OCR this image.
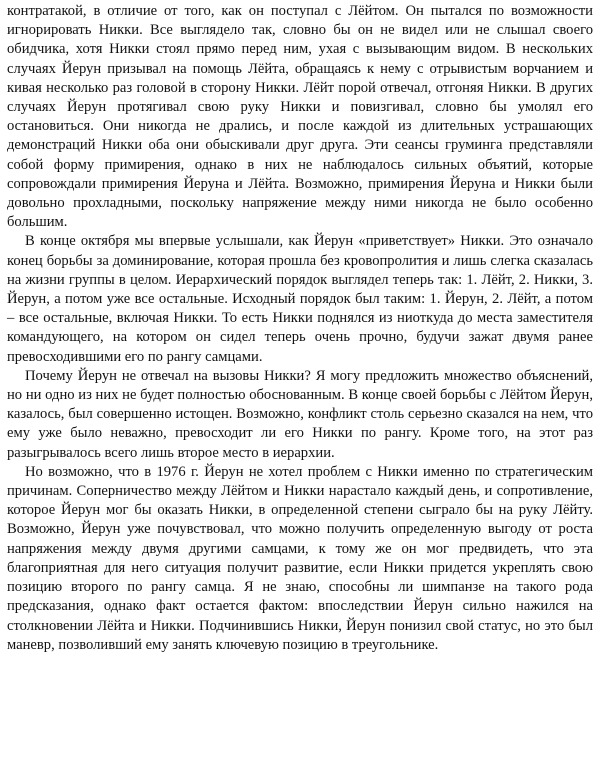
контратакой, в отличие от того, как он поступал с Лёйтом. Он пытался по возможности игнорировать Никки. Все выглядело так, словно бы он не видел или не слышал своего обидчика, хотя Никки стоял прямо перед ним, ухая с вызывающим видом. В нескольких случаях Йерун призывал на помощь Лёйта, обращаясь к нему с отрывистым ворчанием и кивая несколько раз головой в сторону Никки. Лёйт порой отвечал, отгоняя Никки. В других случаях Йерун протягивал свою руку Никки и повизгивал, словно бы умолял его остановиться. Они никогда не дрались, и после каждой из длительных устрашающих демонстраций Никки оба они обыскивали друг друга. Эти сеансы груминга представляли собой форму примирения, однако в них не наблюдалось сильных объятий, которые сопровождали примирения Йеруна и Лёйта. Возможно, примирения Йеруна и Никки были довольно прохладными, поскольку напряжение между ними никогда не было особенно большим.

В конце октября мы впервые услышали, как Йерун «приветствует» Никки. Это означало конец борьбы за доминирование, которая прошла без кровопролития и лишь слегка сказалась на жизни группы в целом. Иерархический порядок выглядел теперь так: 1. Лёйт, 2. Никки, 3. Йерун, а потом уже все остальные. Исходный порядок был таким: 1. Йерун, 2. Лёйт, а потом – все остальные, включая Никки. То есть Никки поднялся из ниоткуда до места заместителя командующего, на котором он сидел теперь очень прочно, будучи зажат двумя ранее превосходившими его по рангу самцами.

Почему Йерун не отвечал на вызовы Никки? Я могу предложить множество объяснений, но ни одно из них не будет полностью обоснованным. В конце своей борьбы с Лёйтом Йерун, казалось, был совершенно истощен. Возможно, конфликт столь серьезно сказался на нем, что ему уже было неважно, превосходит ли его Никки по рангу. Кроме того, на этот раз разыгрывалось всего лишь второе место в иерархии.

Но возможно, что в 1976 г. Йерун не хотел проблем с Никки именно по стратегическим причинам. Соперничество между Лёйтом и Никки нарастало каждый день, и сопротивление, которое Йерун мог бы оказать Никки, в определенной степени сыграло бы на руку Лёйту. Возможно, Йерун уже почувствовал, что можно получить определенную выгоду от роста напряжения между двумя другими самцами, к тому же он мог предвидеть, что эта благоприятная для него ситуация получит развитие, если Никки придется укреплять свою позицию второго по рангу самца. Я не знаю, способны ли шимпанзе на такого рода предсказания, однако факт остается фактом: впоследствии Йерун сильно нажился на столкновении Лёйта и Никки. Подчинившись Никки, Йерун понизил свой статус, но это был маневр, позволивший ему занять ключевую позицию в треугольнике.
